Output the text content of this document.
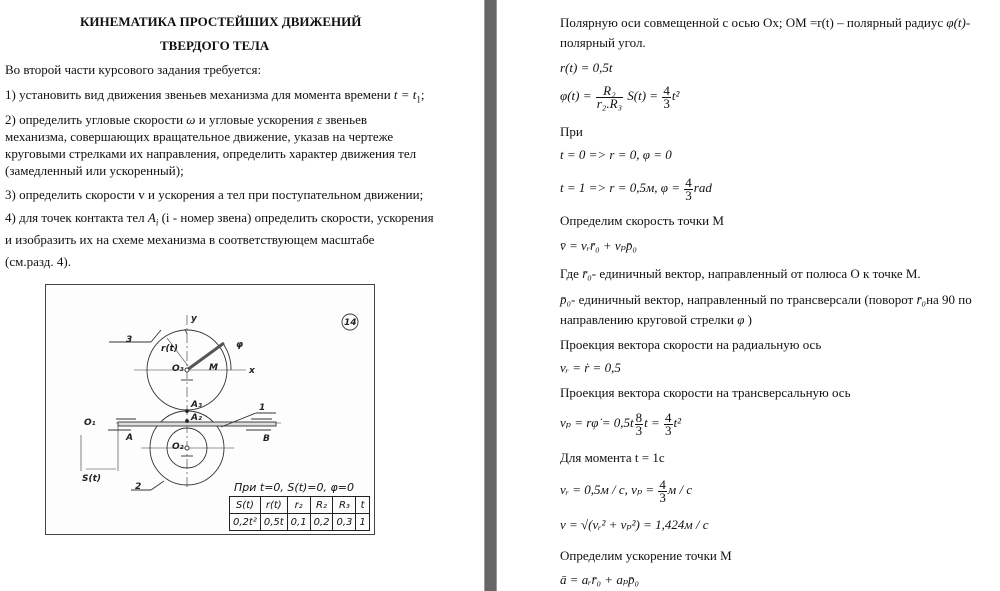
КИНЕМАТИКА ПРОСТЕЙШИХ ДВИЖЕНИЙ
ТВЕРДОГО ТЕЛА
Во второй части курсового задания требуется:
1) установить вид движения звеньев механизма для момента времени $t = t_1$;
2) определить угловые скорости ω и угловые ускорения ε звеньев
механизма, совершающих вращательное движение, указав на чертеже
круговыми стрелками их направления, определить характер движения тел
(замедленный или ускоренный);
3) определить скорости v и ускорения a тел при поступательном движении;
4) для точек контакта тел $A_i$ (i - номер звена) определить скорости, ускорения
и изобразить их на схеме механизма в соответствующем масштабе
(см.разд. 4).
y
x
r(t)
M
O₃
φ
3
A₃
A₂
1
O₁
A	B
S(t)
O₂
2
14
При t=0, S(t)=0, φ=0
S(t)	r(t)	r₂	R₂	R₃	t
0,2t²	0,5t	0,1	0,2	0,3	1
Полярную оси совмещенной с осью Ox; OM =r(t) – полярный радиус φ(t)-
полярный угол.
r(t) = 0,5t
$\varphi(t) = \frac{\text{R₂}}{\text{r₂.R₃}} S(t) = \frac{4}{3} t^2$
При
t = 0 => r = 0, φ = 0
t = 1 => r = 0,5м, $\varphi = \frac{4}{3}$ rad
Определим скорость точки М
v̄ = vᵣr̄₀ + vₚp̄₀
Где r̄₀- единичный вектор, направленный от полюса О к точке М.
p̄₀- единичный вектор, направленный по трансверсали (поворот r̄₀на 90 по
направлению круговой стрелки φ )
Проекция вектора скорости на радиальную ось
vᵣ = ṙ = 0,5
Проекция вектора скорости на трансверсальную ось
vₚ = rφ̇ = $0,5t \frac{8}{3}$ $t = \frac{4}{3} t^2$
Для момента t = 1с
vᵣ = 0,5м / с, $v_p = \frac{4}{3}$ м / с
v = √(vᵣ² + vₚ²) = 1,424м / с
Определим ускорение точки М
ā = aᵣr̄₀ + aₚp̄₀
